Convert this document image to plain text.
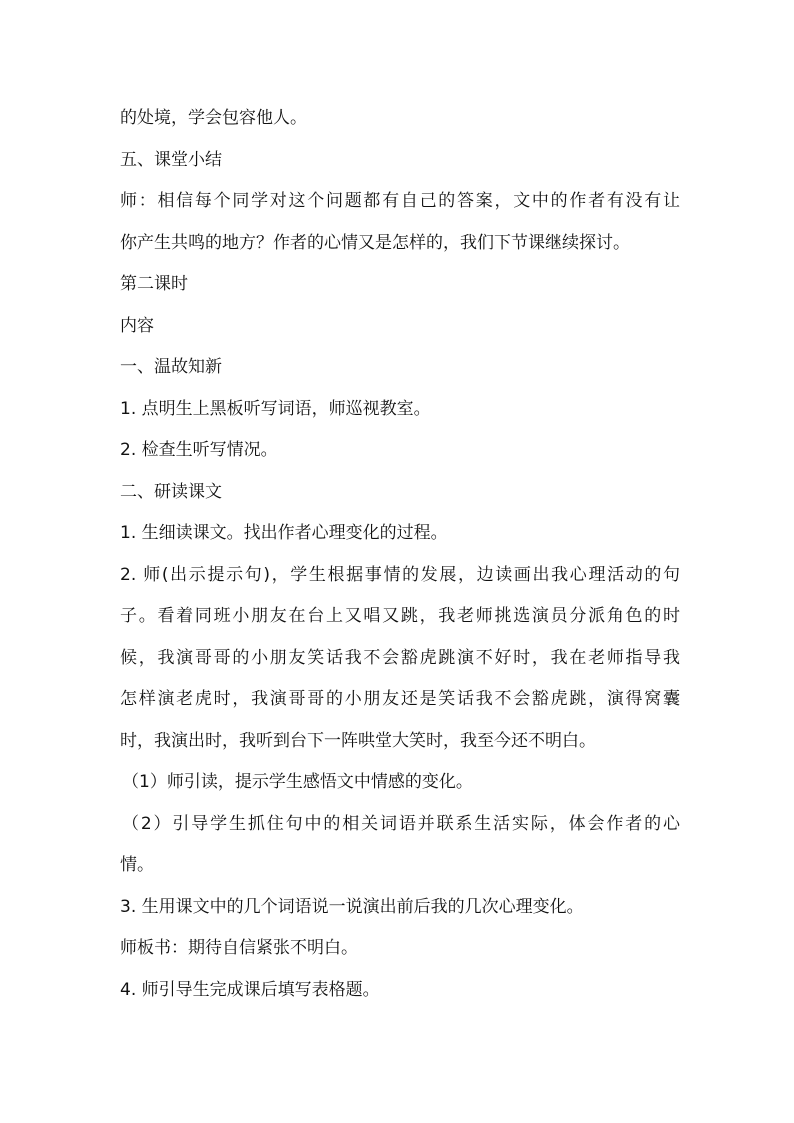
的处境，学会包容他人。
五、课堂小结
师：相信每个同学对这个问题都有自己的答案，文中的作者有没有让
你产生共鸣的地方？作者的心情又是怎样的，我们下节课继续探讨。
第二课时
内容
一、温故知新
1. 点明生上黑板听写词语，师巡视教室。
2. 检查生听写情况。
二、研读课文
1. 生细读课文。找出作者心理变化的过程。
2. 师(出示提示句)，学生根据事情的发展，边读画出我心理活动的句
子。看着同班小朋友在台上又唱又跳，我老师挑选演员分派角色的时
候，我演哥哥的小朋友笑话我不会豁虎跳演不好时，我在老师指导我
怎样演老虎时，我演哥哥的小朋友还是笑话我不会豁虎跳，演得窝囊
时，我演出时，我听到台下一阵哄堂大笑时，我至今还不明白。
（1）师引读，提示学生感悟文中情感的变化。
（2）引导学生抓住句中的相关词语并联系生活实际，体会作者的心
情。
3. 生用课文中的几个词语说一说演出前后我的几次心理变化。
师板书：期待自信紧张不明白。
4. 师引导生完成课后填写表格题。
